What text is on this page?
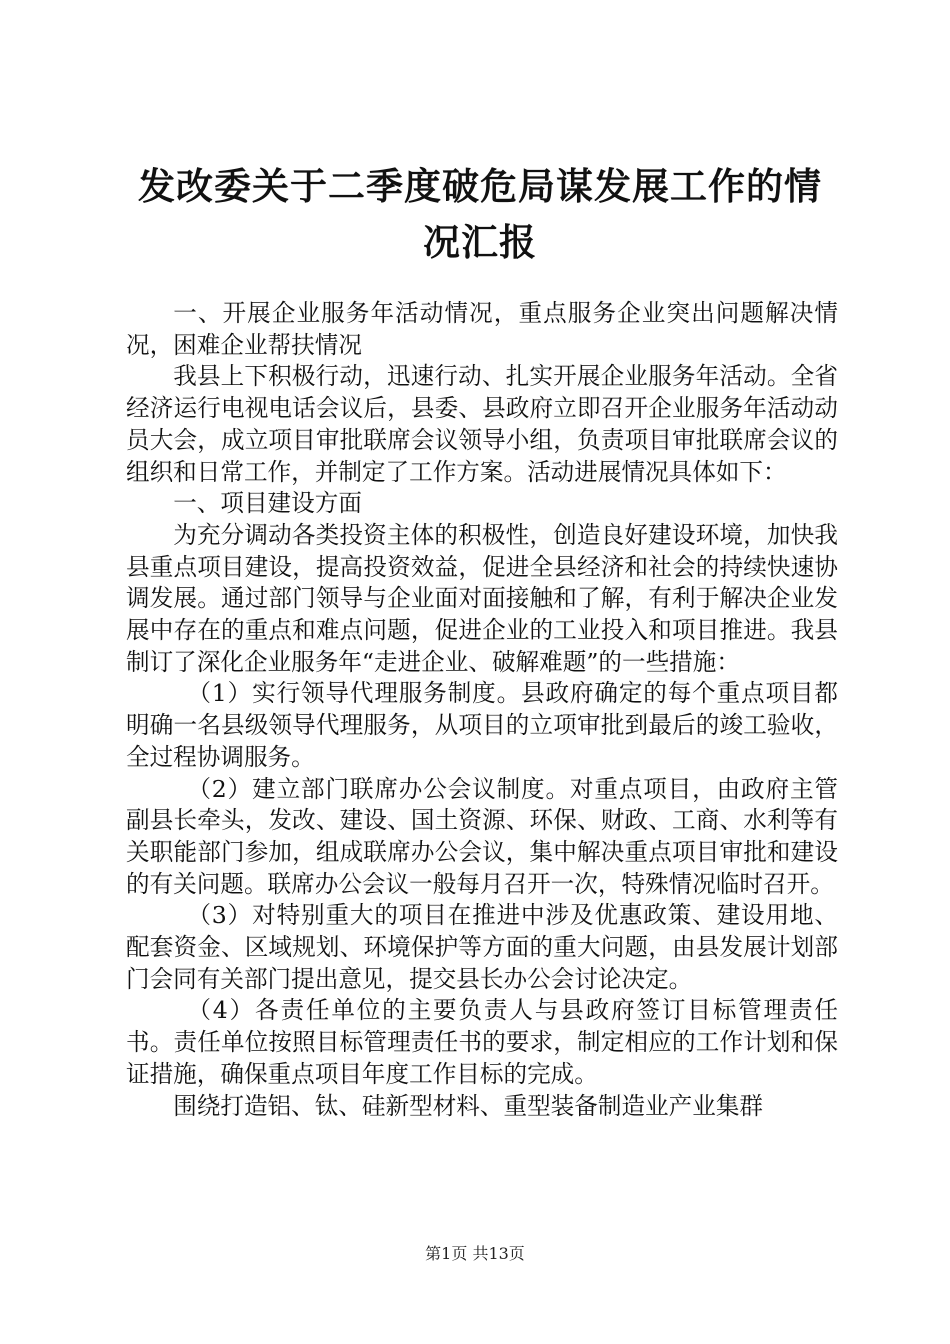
发改委关于二季度破危局谋发展工作的情况汇报

一、开展企业服务年活动情况，重点服务企业突出问题解决情况，困难企业帮扶情况

我县上下积极行动，迅速行动、扎实开展企业服务年活动。全省经济运行电视电话会议后，县委、县政府立即召开企业服务年活动动员大会，成立项目审批联席会议领导小组，负责项目审批联席会议的组织和日常工作，并制定了工作方案。活动进展情况具体如下：

一、项目建设方面

为充分调动各类投资主体的积极性，创造良好建设环境，加快我县重点项目建设，提高投资效益，促进全县经济和社会的持续快速协调发展。通过部门领导与企业面对面接触和了解，有利于解决企业发展中存在的重点和难点问题，促进企业的工业投入和项目推进。我县制订了深化企业服务年“走进企业、破解难题”的一些措施：

（1）实行领导代理服务制度。县政府确定的每个重点项目都明确一名县级领导代理服务，从项目的立项审批到最后的竣工验收，全过程协调服务。

（2）建立部门联席办公会议制度。对重点项目，由政府主管副县长牵头，发改、建设、国土资源、环保、财政、工商、水利等有关职能部门参加，组成联席办公会议，集中解决重点项目审批和建设的有关问题。联席办公会议一般每月召开一次，特殊情况临时召开。

（3）对特别重大的项目在推进中涉及优惠政策、建设用地、配套资金、区域规划、环境保护等方面的重大问题，由县发展计划部门会同有关部门提出意见，提交县长办公会讨论决定。

（4）各责任单位的主要负责人与县政府签订目标管理责任书。责任单位按照目标管理责任书的要求，制定相应的工作计划和保证措施，确保重点项目年度工作目标的完成。

围绕打造铝、钛、硅新型材料、重型装备制造业产业集群

第1页 共13页
